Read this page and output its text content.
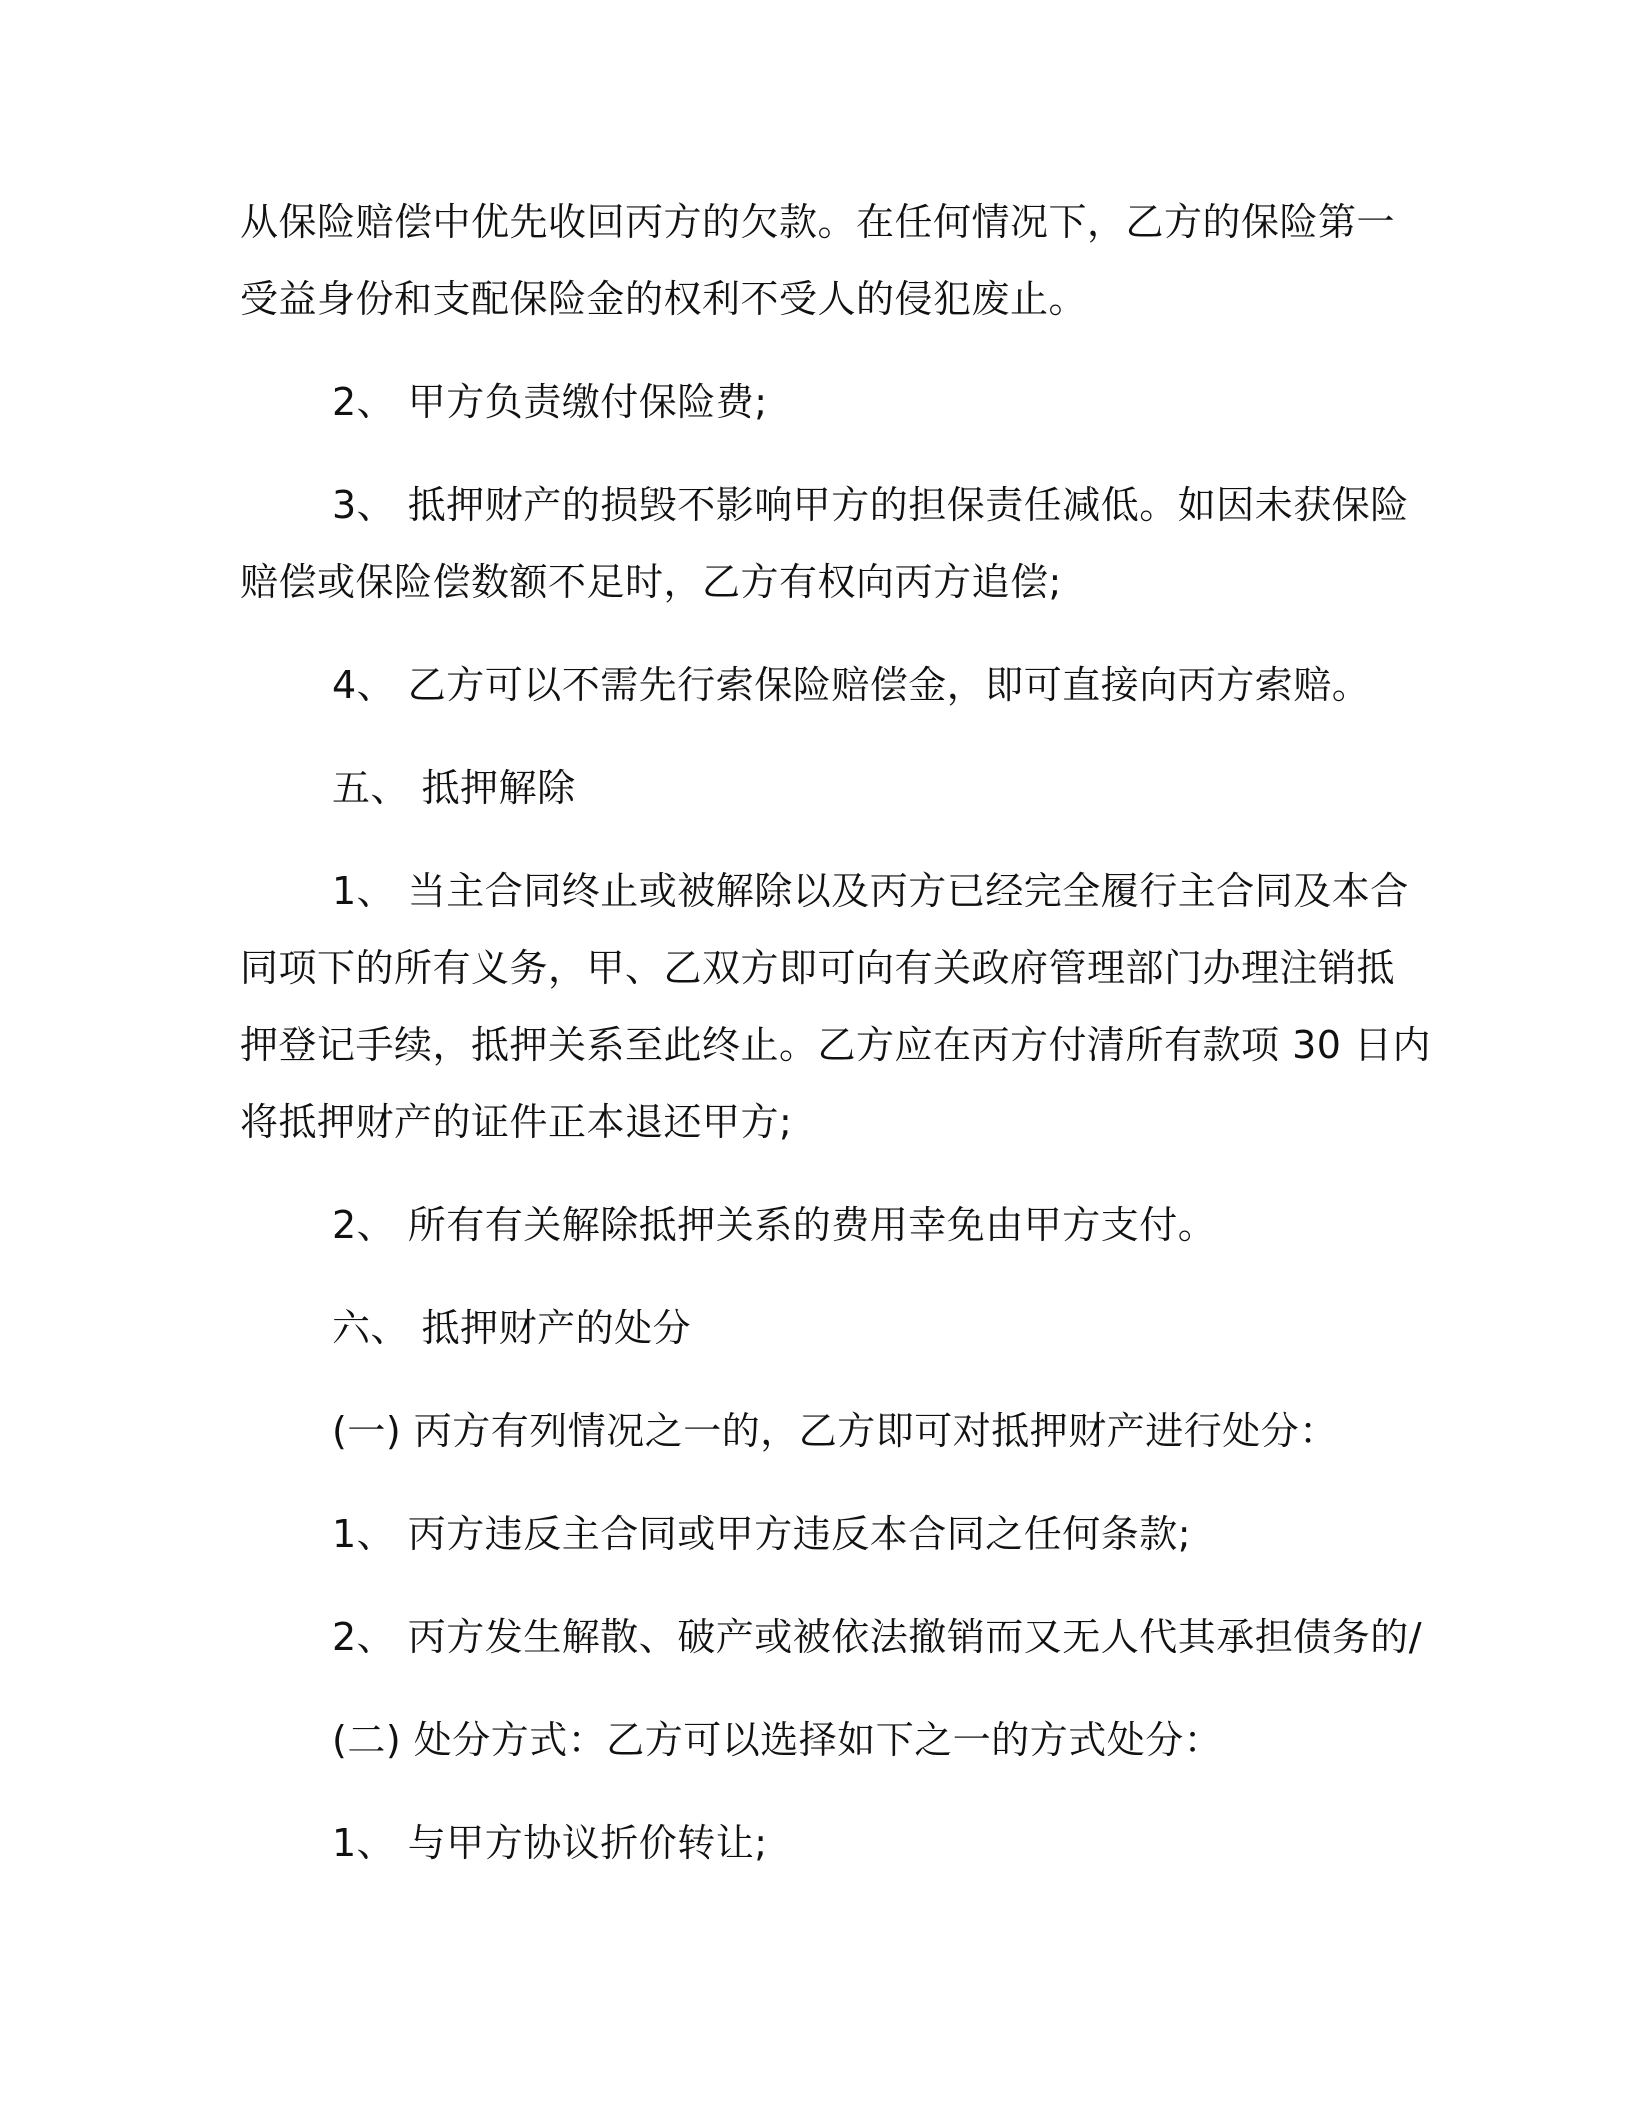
从保险赔偿中优先收回丙方的欠款。在任何情况下，乙方的保险第一
受益身份和支配保险金的权利不受人的侵犯废止。

2、 甲方负责缴付保险费;

3、 抵押财产的损毁不影响甲方的担保责任减低。如因未获保险
赔偿或保险偿数额不足时，乙方有权向丙方追偿;

4、 乙方可以不需先行索保险赔偿金，即可直接向丙方索赔。

五、 抵押解除

1、 当主合同终止或被解除以及丙方已经完全履行主合同及本合
同项下的所有义务，甲、乙双方即可向有关政府管理部门办理注销抵
押登记手续，抵押关系至此终止。乙方应在丙方付清所有款项 30 日内
将抵押财产的证件正本退还甲方;

2、 所有有关解除抵押关系的费用幸免由甲方支付。

六、 抵押财产的处分

(一) 丙方有列情况之一的，乙方即可对抵押财产进行处分：

1、 丙方违反主合同或甲方违反本合同之任何条款;

2、 丙方发生解散、破产或被依法撤销而又无人代其承担债务的/

(二) 处分方式：乙方可以选择如下之一的方式处分：

1、 与甲方协议折价转让;
